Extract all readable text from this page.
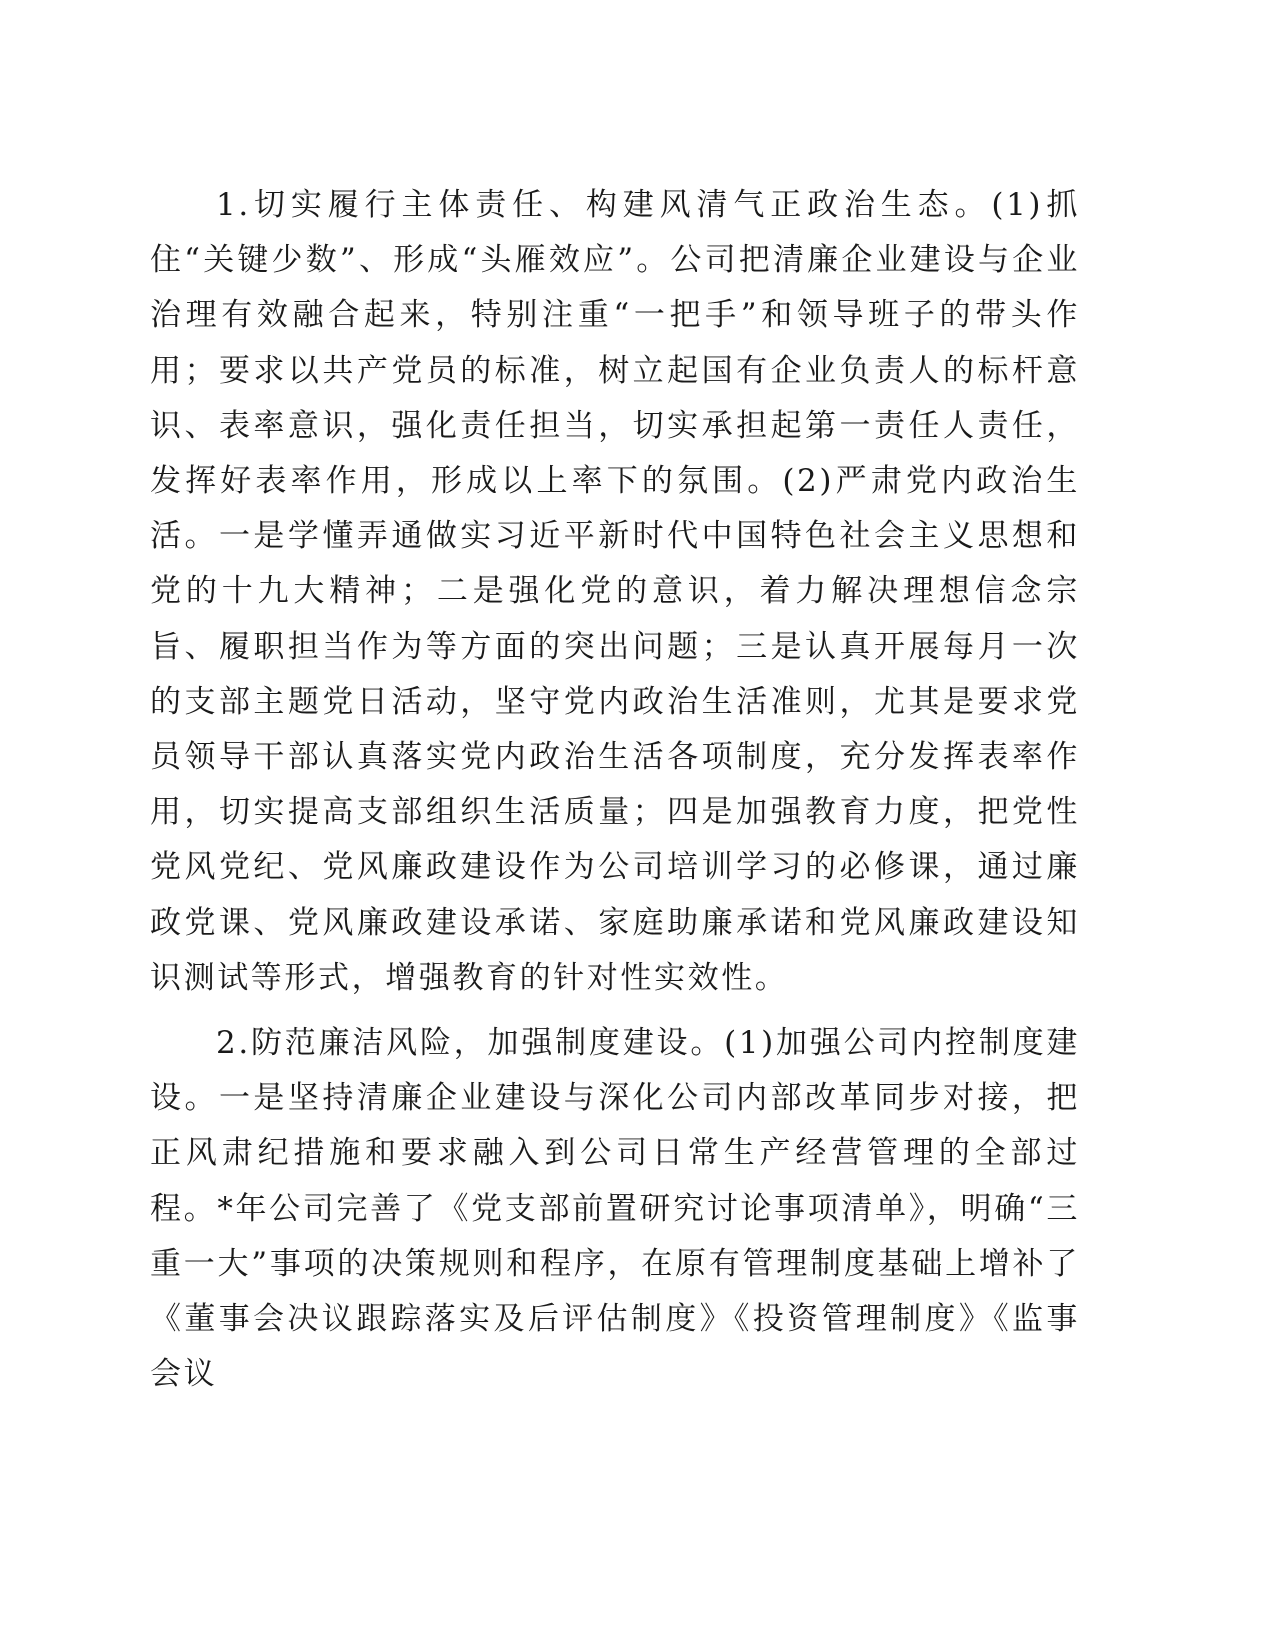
1.切实履行主体责任、构建风清气正政治生态。(1)抓住“关键少数”、形成“头雁效应”。公司把清廉企业建设与企业治理有效融合起来，特别注重“一把手”和领导班子的带头作用；要求以共产党员的标准，树立起国有企业负责人的标杆意识、表率意识，强化责任担当，切实承担起第一责任人责任，发挥好表率作用，形成以上率下的氛围。(2)严肃党内政治生活。一是学懂弄通做实习近平新时代中国特色社会主义思想和党的十九大精神；二是强化党的意识，着力解决理想信念宗旨、履职担当作为等方面的突出问题；三是认真开展每月一次的支部主题党日活动，坚守党内政治生活准则，尤其是要求党员领导干部认真落实党内政治生活各项制度，充分发挥表率作用，切实提高支部组织生活质量；四是加强教育力度，把党性党风党纪、党风廉政建设作为公司培训学习的必修课，通过廉政党课、党风廉政建设承诺、家庭助廉承诺和党风廉政建设知识测试等形式，增强教育的针对性实效性。

2.防范廉洁风险，加强制度建设。(1)加强公司内控制度建设。一是坚持清廉企业建设与深化公司内部改革同步对接，把正风肃纪措施和要求融入到公司日常生产经营管理的全部过程。*年公司完善了《党支部前置研究讨论事项清单》，明确“三重一大”事项的决策规则和程序，在原有管理制度基础上增补了《董事会决议跟踪落实及后评估制度》《投资管理制度》《监事会议
